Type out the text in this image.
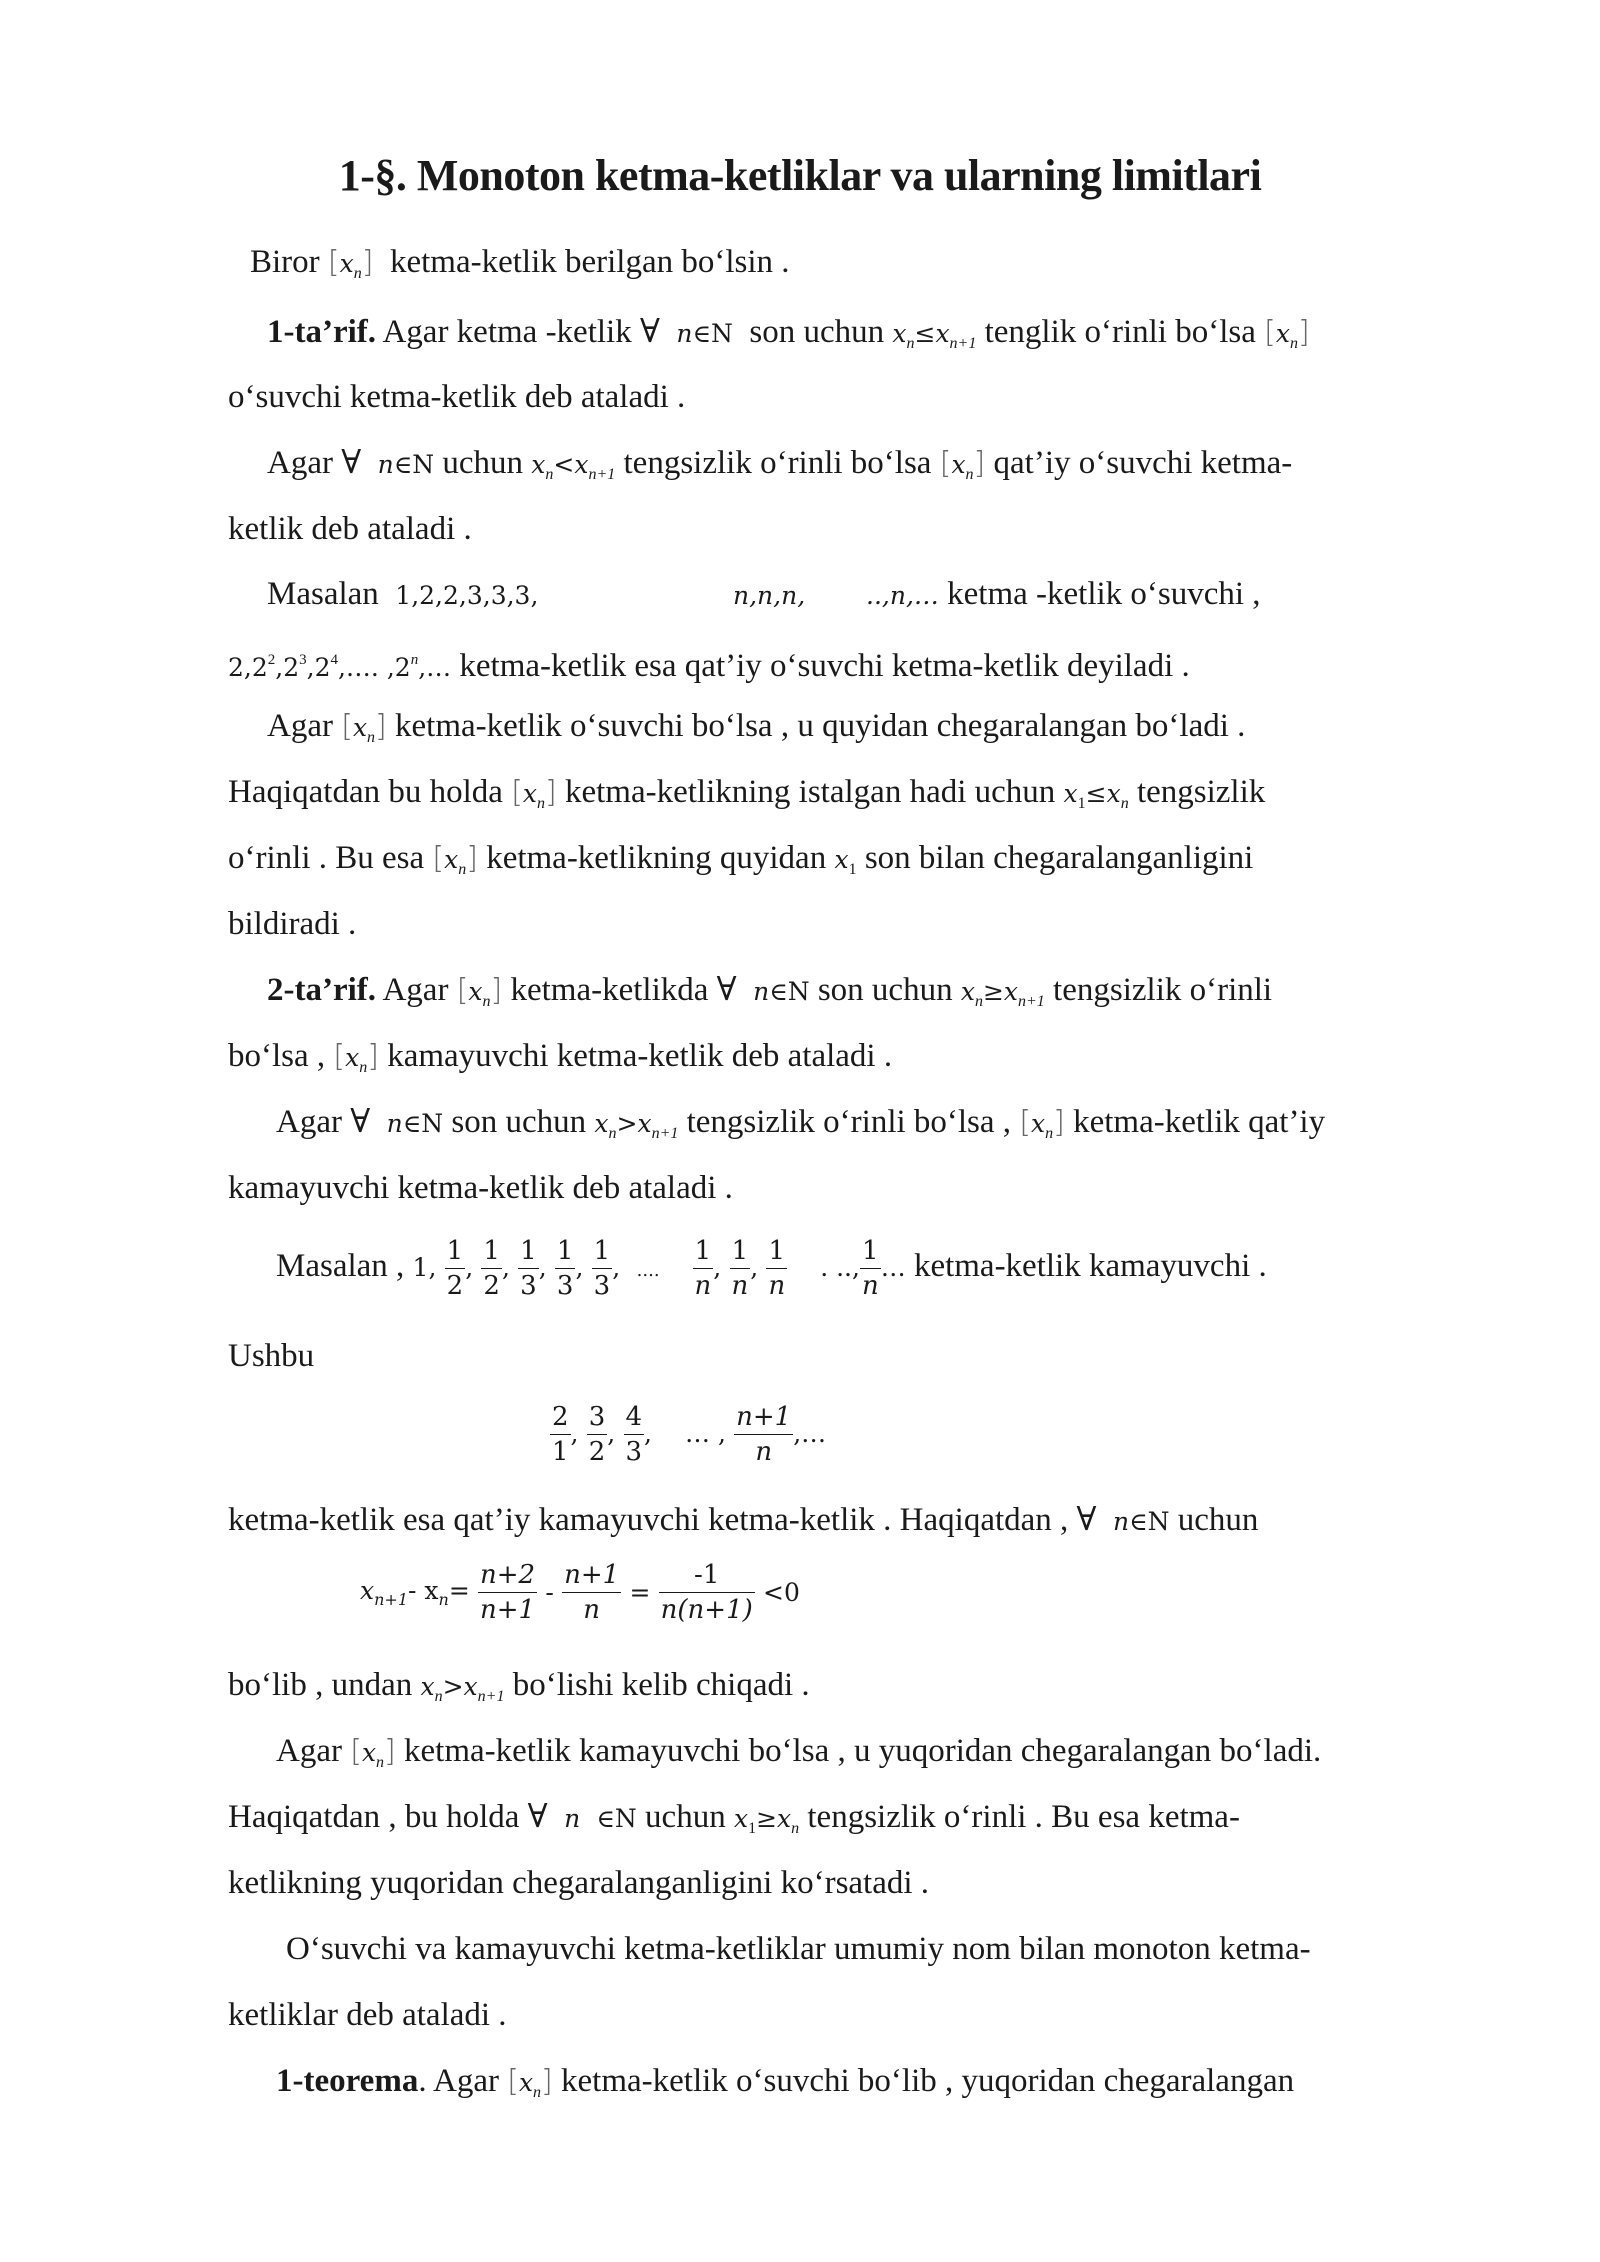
1-§. Monoton ketma-ketliklar va ularning limitlari
Biror $[x_n]$ ketma-ketlik berilgan bo‘lsin .
1-ta’rif. Agar ketma -ketlik ∀ n∈N son uchun $x_n\le x_{n+1}$ tenglik o‘rinli bo‘lsa $[x_n]$
o‘suvchi ketma-ketlik deb ataladi .
Agar ∀ n∈N uchun $x_n<x_{n+1}$ tengsizlik o‘rinli bo‘lsa $[x_n]$ qat’iy o‘suvchi ketma-
ketlik deb ataladi .
Masalan 1,2,2,3,3,3,	n,n,n, ..,n,… ketma -ketlik o‘suvchi ,
$2,2^2,2^3,2^4,\dots$. ,2$^n$,… ketma-ketlik esa qat’iy o‘suvchi ketma-ketlik deyiladi .
Agar $[x_n]$ ketma-ketlik o‘suvchi bo‘lsa , u quyidan chegaralangan bo‘ladi .
Haqiqatdan bu holda $[x_n]$ ketma-ketlikning istalgan hadi uchun $x1\le x_n$ tengsizlik
o‘rinli . Bu esa $[x_n]$ ketma-ketlikning quyidan x1 son bilan chegaralanganligini
bildiradi .
2-ta’rif. Agar $[x_n]$ ketma-ketlikda ∀ n∈N son uchun $x_n\ge x_{n+1}$ tengsizlik o‘rinli
bo‘lsa , $[x_n]$ kamayuvchi ketma-ketlik deb ataladi .
Agar ∀ n∈N son uchun $x_n>x_{n+1}$ tengsizlik o‘rinli bo‘lsa , $[x_n]$ ketma-ketlik qat’iy
kamayuvchi ketma-ketlik deb ataladi .
Masalan , 1, $\frac{1}{2}$ , $\frac{1}{2}$ , $\frac{1}{3}$ , $\frac{1}{3}$ , $\frac{1}{3}$ , .... $\frac{1}{n}$ , $\frac{1}{n}$ , $\frac{1}{n}$ . .., $\frac{1}{n}$ … ketma-ketlik kamayuvchi .
Ushbu
$\frac{2}{1}$ , $\frac{3}{2}$ , $\frac{4}{3}$ , … , $\frac{n+1}{n}$ ,…
ketma-ketlik esa qat’iy kamayuvchi ketma-ketlik . Haqiqatdan , ∀ n∈N uchun
$x_{n+1}-$ $x_n= \frac{n+2}{n+1} - \frac{n+1}{n} = \frac{-1}{n(n+1)} <0$
bo‘lib , undan $x_n>x_{n+1}$ bo‘lishi kelib chiqadi .
Agar $[x_n]$ ketma-ketlik kamayuvchi bo‘lsa , u yuqoridan chegaralangan bo‘ladi.
Haqiqatdan , bu holda ∀ n  ∈N uchun $x1\ge x_n$ tengsizlik o‘rinli . Bu esa ketma-
ketlikning yuqoridan chegaralanganligini ko‘rsatadi .
O‘suvchi va kamayuvchi ketma-ketliklar umumiy nom bilan monoton ketma-
ketliklar deb ataladi .
1-teorema. Agar $[x_n]$ ketma-ketlik o‘suvchi bo‘lib , yuqoridan chegaralangan
